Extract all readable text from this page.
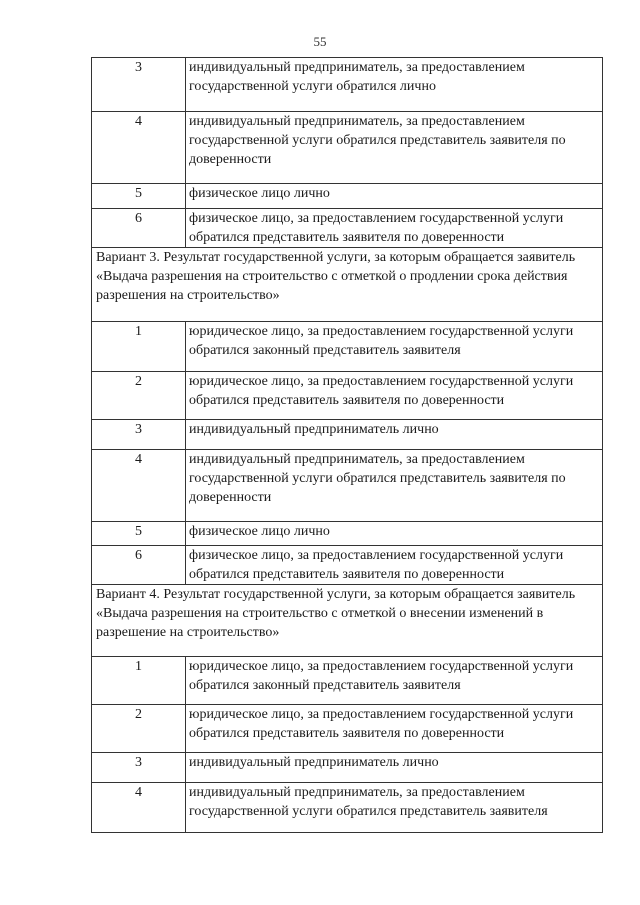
55
3	индивидуальный предприниматель, за предоставлением государственной услуги обратился лично
4	индивидуальный предприниматель, за предоставлением государственной услуги обратился представитель заявителя по доверенности
5	физическое лицо лично
6	физическое лицо, за предоставлением государственной услуги обратился представитель заявителя по доверенности
Вариант 3. Результат государственной услуги, за которым обращается заявитель «Выдача разрешения на строительство с отметкой о продлении срока действия разрешения на строительство»	
1	юридическое лицо, за предоставлением государственной услуги обратился законный представитель заявителя
2	юридическое лицо, за предоставлением государственной услуги обратился представитель заявителя по доверенности
3	индивидуальный предприниматель лично
4	индивидуальный предприниматель, за предоставлением государственной услуги обратился представитель заявителя по доверенности
5	физическое лицо лично
6	физическое лицо, за предоставлением государственной услуги обратился представитель заявителя по доверенности
Вариант 4. Результат государственной услуги, за которым обращается заявитель «Выдача разрешения на строительство с отметкой о внесении изменений в разрешение на строительство»	
1	юридическое лицо, за предоставлением государственной услуги обратился законный представитель заявителя
2	юридическое лицо, за предоставлением государственной услуги обратился представитель заявителя по доверенности
3	индивидуальный предприниматель лично
4	индивидуальный предприниматель, за предоставлением государственной услуги обратился представитель заявителя
